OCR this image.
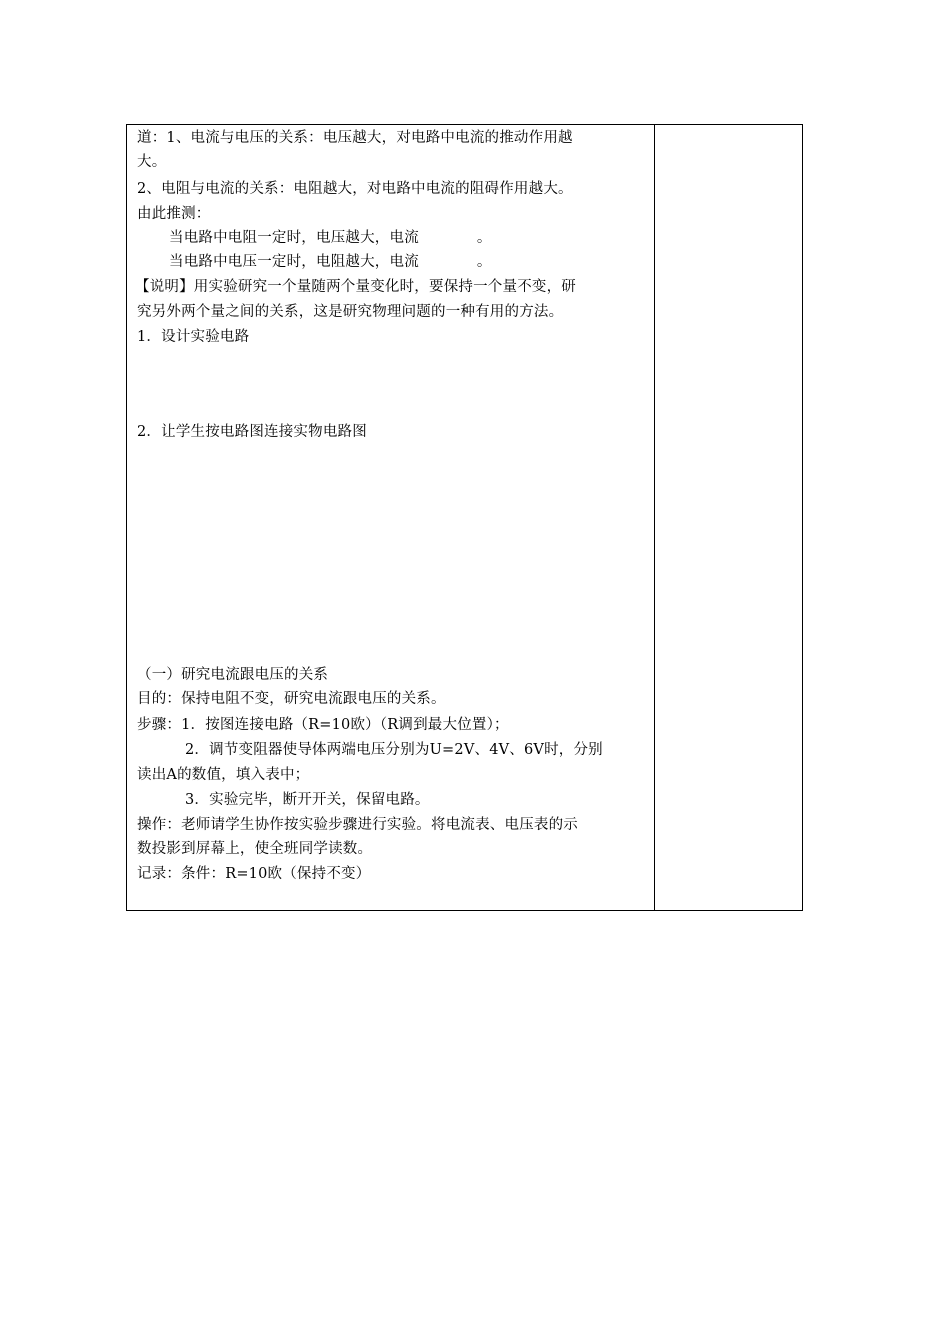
道：1、电流与电压的关系：电压越大，对电路中电流的推动作用越
大。
2、电阻与电流的关系：电阻越大，对电路中电流的阻碍作用越大。
由此推测：
当电路中电阻一定时，电压越大，电流	。
当电路中电压一定时，电阻越大，电流	。
【说明】用实验研究一个量随两个量变化时，要保持一个量不变，研
究另外两个量之间的关系，这是研究物理问题的一种有用的方法。
1．设计实验电路
2．让学生按电路图连接实物电路图
（一）研究电流跟电压的关系
目的：保持电阻不变，研究电流跟电压的关系。
步骤：1．按图连接电路（R=10欧）（R调到最大位置）；
2．调节变阻器使导体两端电压分别为U=2V、4V、6V时，分别
读出A的数值，填入表中；
3．实验完毕，断开开关，保留电路。
操作：老师请学生协作按实验步骤进行实验。将电流表、电压表的示
数投影到屏幕上，使全班同学读数。
记录：条件：R=10欧（保持不变）
